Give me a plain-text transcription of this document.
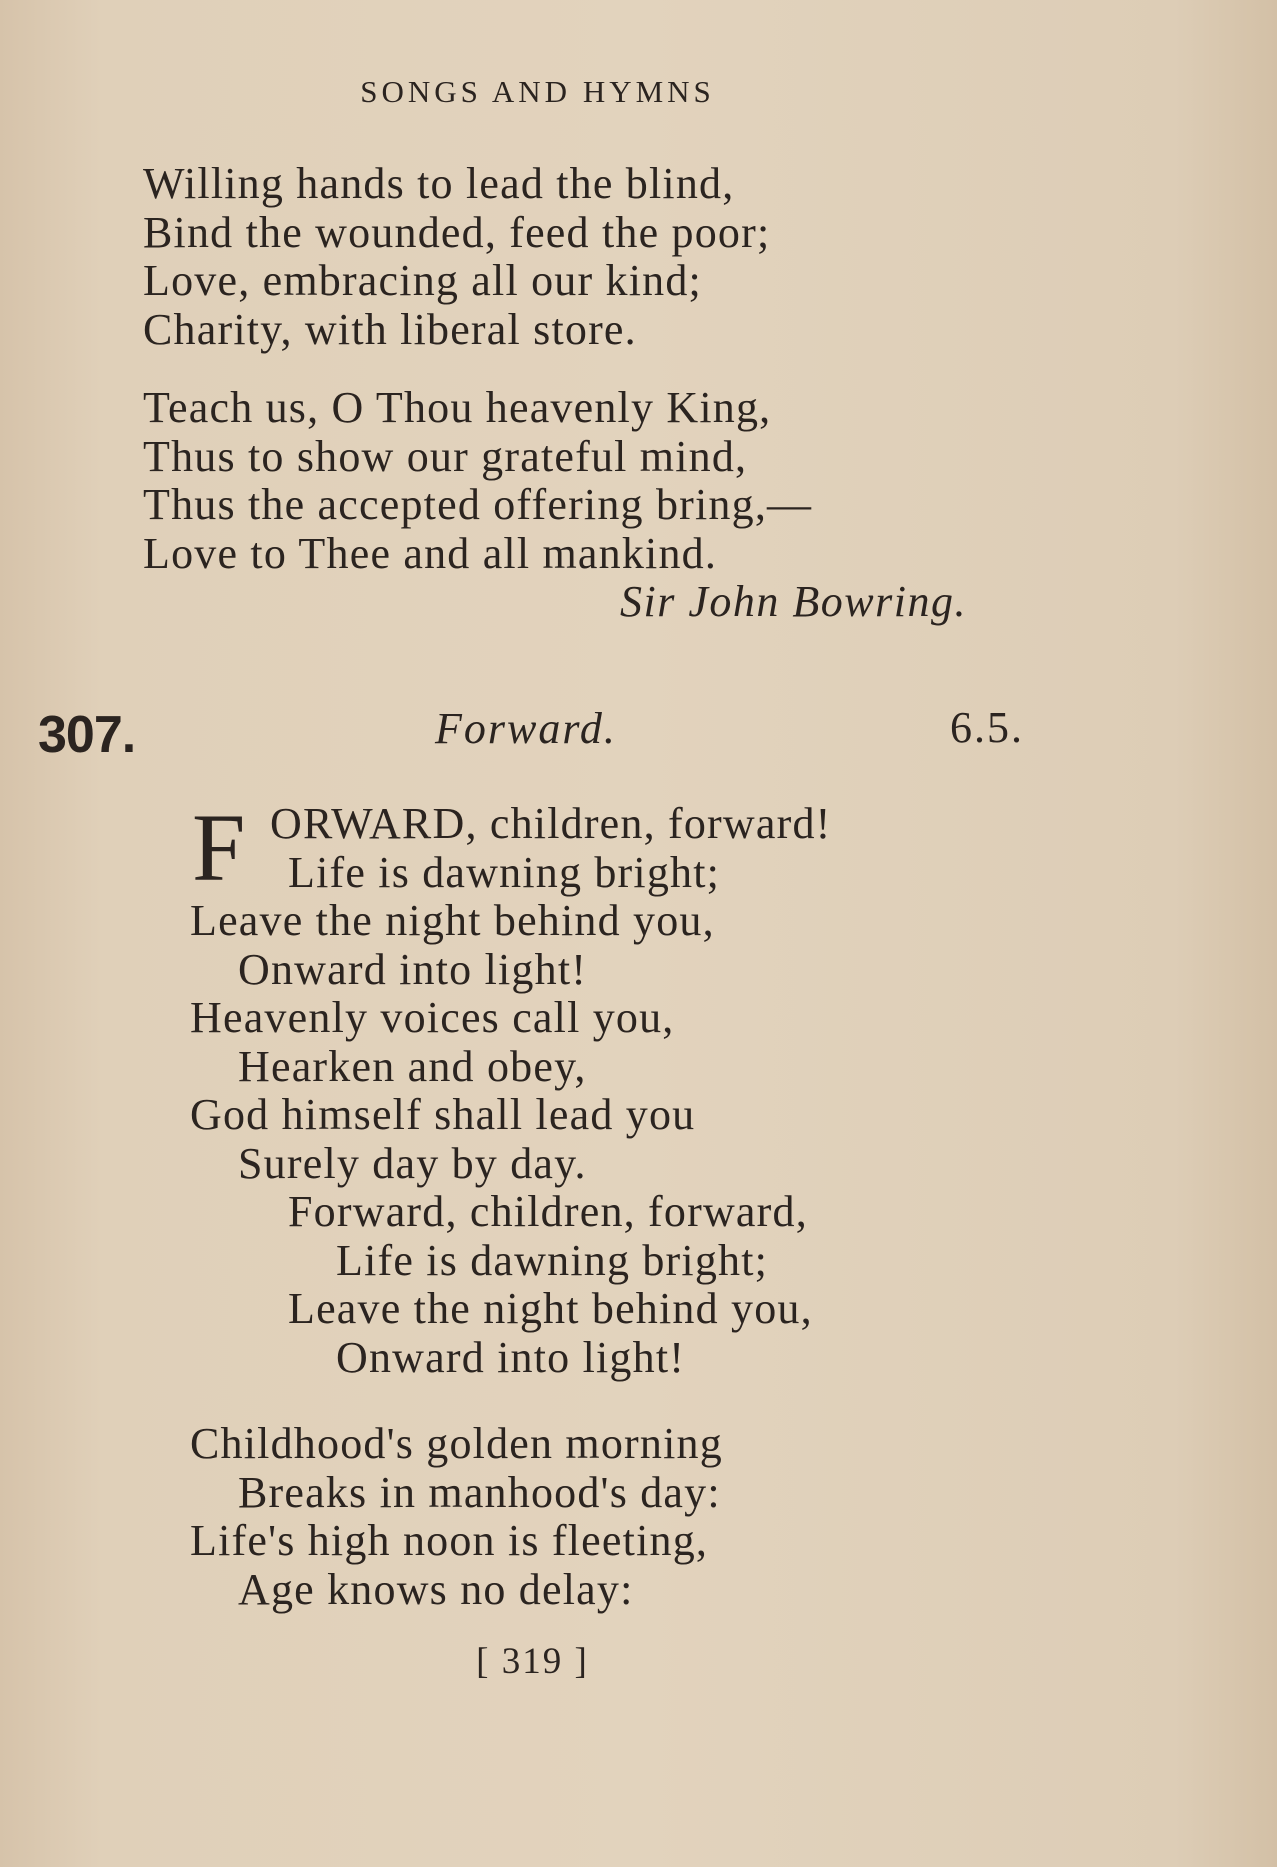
SONGS AND HYMNS
Willing hands to lead the blind,
Bind the wounded, feed the poor;
Love, embracing all our kind;
Charity, with liberal store.
Teach us, O Thou heavenly King,
Thus to show our grateful mind,
Thus the accepted offering bring,—
Love to Thee and all mankind.
Sir John Bowring.
307.	Forward.	6.5.
F ORWARD, children, forward!
Life is dawning bright;
Leave the night behind you,
Onward into light!
Heavenly voices call you,
Hearken and obey,
God himself shall lead you
Surely day by day.
Forward, children, forward,
Life is dawning bright;
Leave the night behind you,
Onward into light!
Childhood's golden morning
Breaks in manhood's day:
Life's high noon is fleeting,
Age knows no delay:
[ 319 ]
